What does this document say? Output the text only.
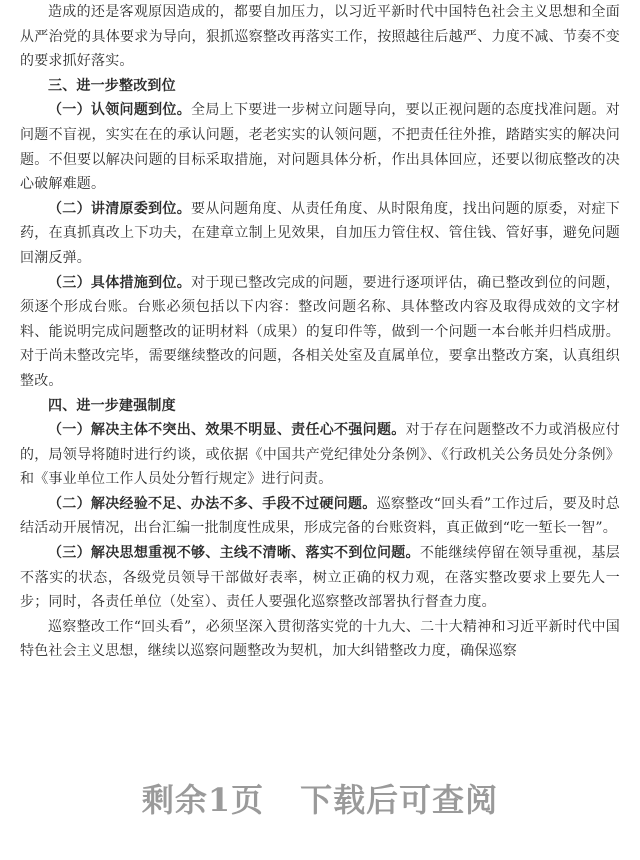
造成的还是客观原因造成的，都要自加压力，以习近平新时代中国特色社会主义思想和全面从严治党的具体要求为导向，狠抓巡察整改再落实工作，按照越往后越严、力度不减、节奏不变的要求抓好落实。

三、进一步整改到位

（一）认领问题到位。全局上下要进一步树立问题导向，要以正视问题的态度找准问题。对问题不盲视，实实在在的承认问题，老老实实的认领问题，不把责任往外推，踏踏实实的解决问题。不但要以解决问题的目标采取措施，对问题具体分析，作出具体回应，还要以彻底整改的决心破解难题。

（二）讲清原委到位。要从问题角度、从责任角度、从时限角度，找出问题的原委，对症下药，在真抓真改上下功夫，在建章立制上见效果，自加压力管住权、管住钱、管好事，避免问题回潮反弹。

（三）具体措施到位。对于现已整改完成的问题，要进行逐项评估，确已整改到位的问题，须逐个形成台账。台账必须包括以下内容：整改问题名称、具体整改内容及取得成效的文字材料、能说明完成问题整改的证明材料（成果）的复印件等，做到一个问题一本台帐并归档成册。对于尚未整改完毕，需要继续整改的问题，各相关处室及直属单位，要拿出整改方案，认真组织整改。

四、进一步建强制度

（一）解决主体不突出、效果不明显、责任心不强问题。对于存在问题整改不力或消极应付的，局领导将随时进行约谈，或依据《中国共产党纪律处分条例》、《行政机关公务员处分条例》和《事业单位工作人员处分暂行规定》进行问责。

（二）解决经验不足、办法不多、手段不过硬问题。巡察整改“回头看”工作过后，要及时总结活动开展情况，出台汇编一批制度性成果，形成完备的台账资料，真正做到“吃一堑长一智”。

（三）解决思想重视不够、主线不清晰、落实不到位问题。不能继续停留在领导重视，基层不落实的状态，各级党员领导干部做好表率，树立正确的权力观，在落实整改要求上要先人一步；同时，各责任单位（处室）、责任人要强化巡察整改部署执行督查力度。

巡察整改工作“回头看”，必须坚深入贯彻落实党的十九大、二十大精神和习近平新时代中国特色社会主义思想，继续以巡察问题整改为契机，加大纠错整改力度，确保巡察

剩余1页 下载后可查阅
